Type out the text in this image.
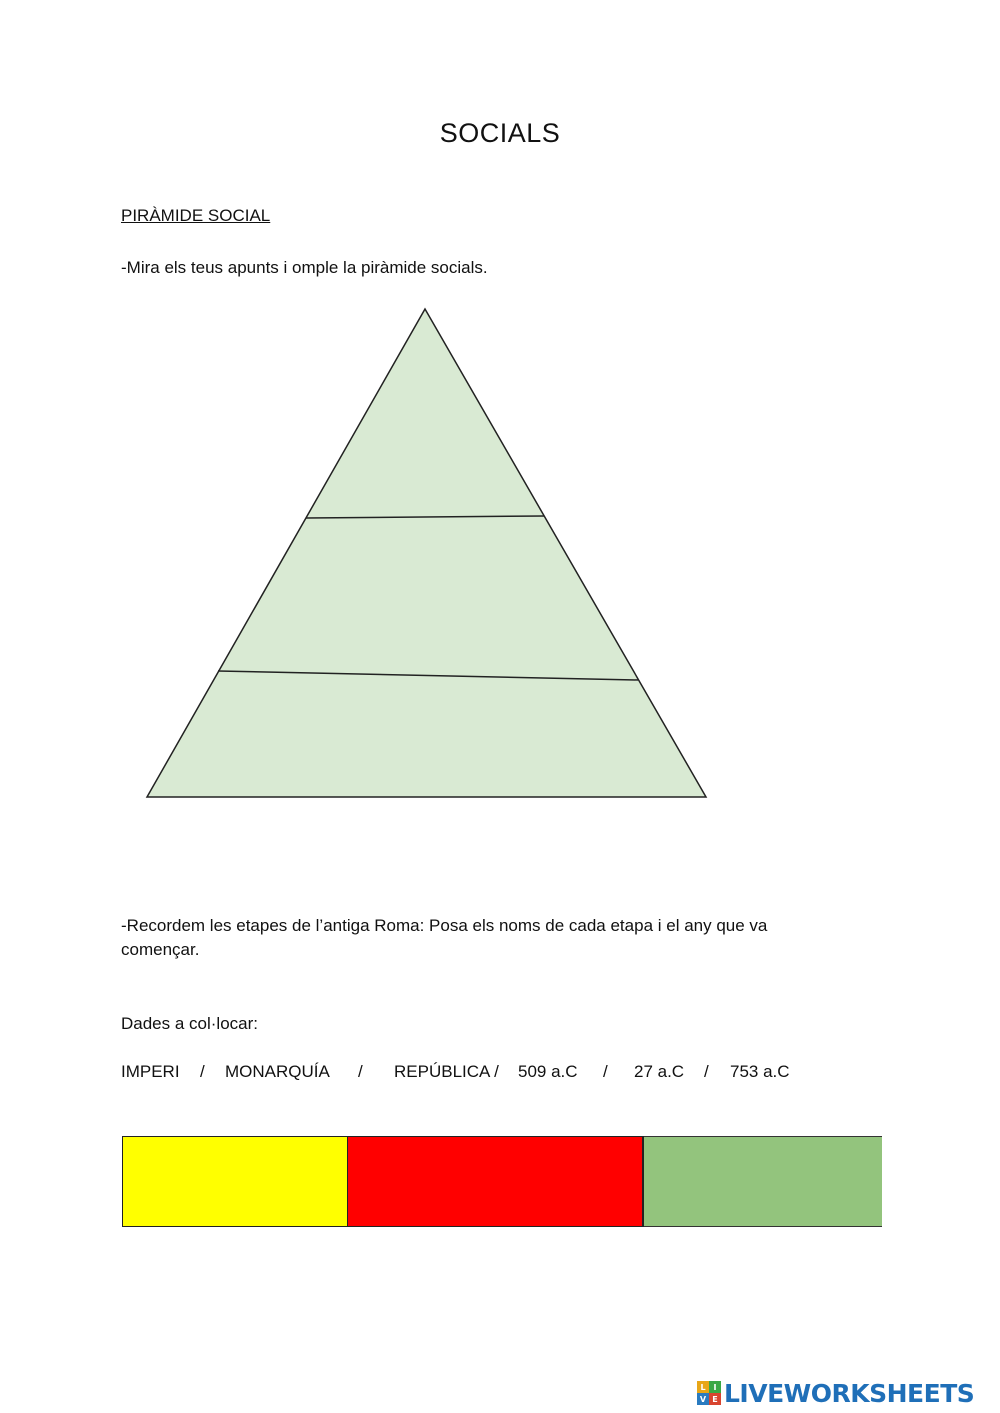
SOCIALS
PIRÀMIDE SOCIAL
-Mira els teus apunts i omple la piràmide socials.
-Recordem les etapes de l’antiga Roma: Posa els noms de cada etapa i el any que va començar.
Dades a col·locar:
IMPERI / MONARQUÍA / REPÚBLICA / 509 a.C / 27 a.C / 753 a.C
L I
V E LIVEWORKSHEETS
